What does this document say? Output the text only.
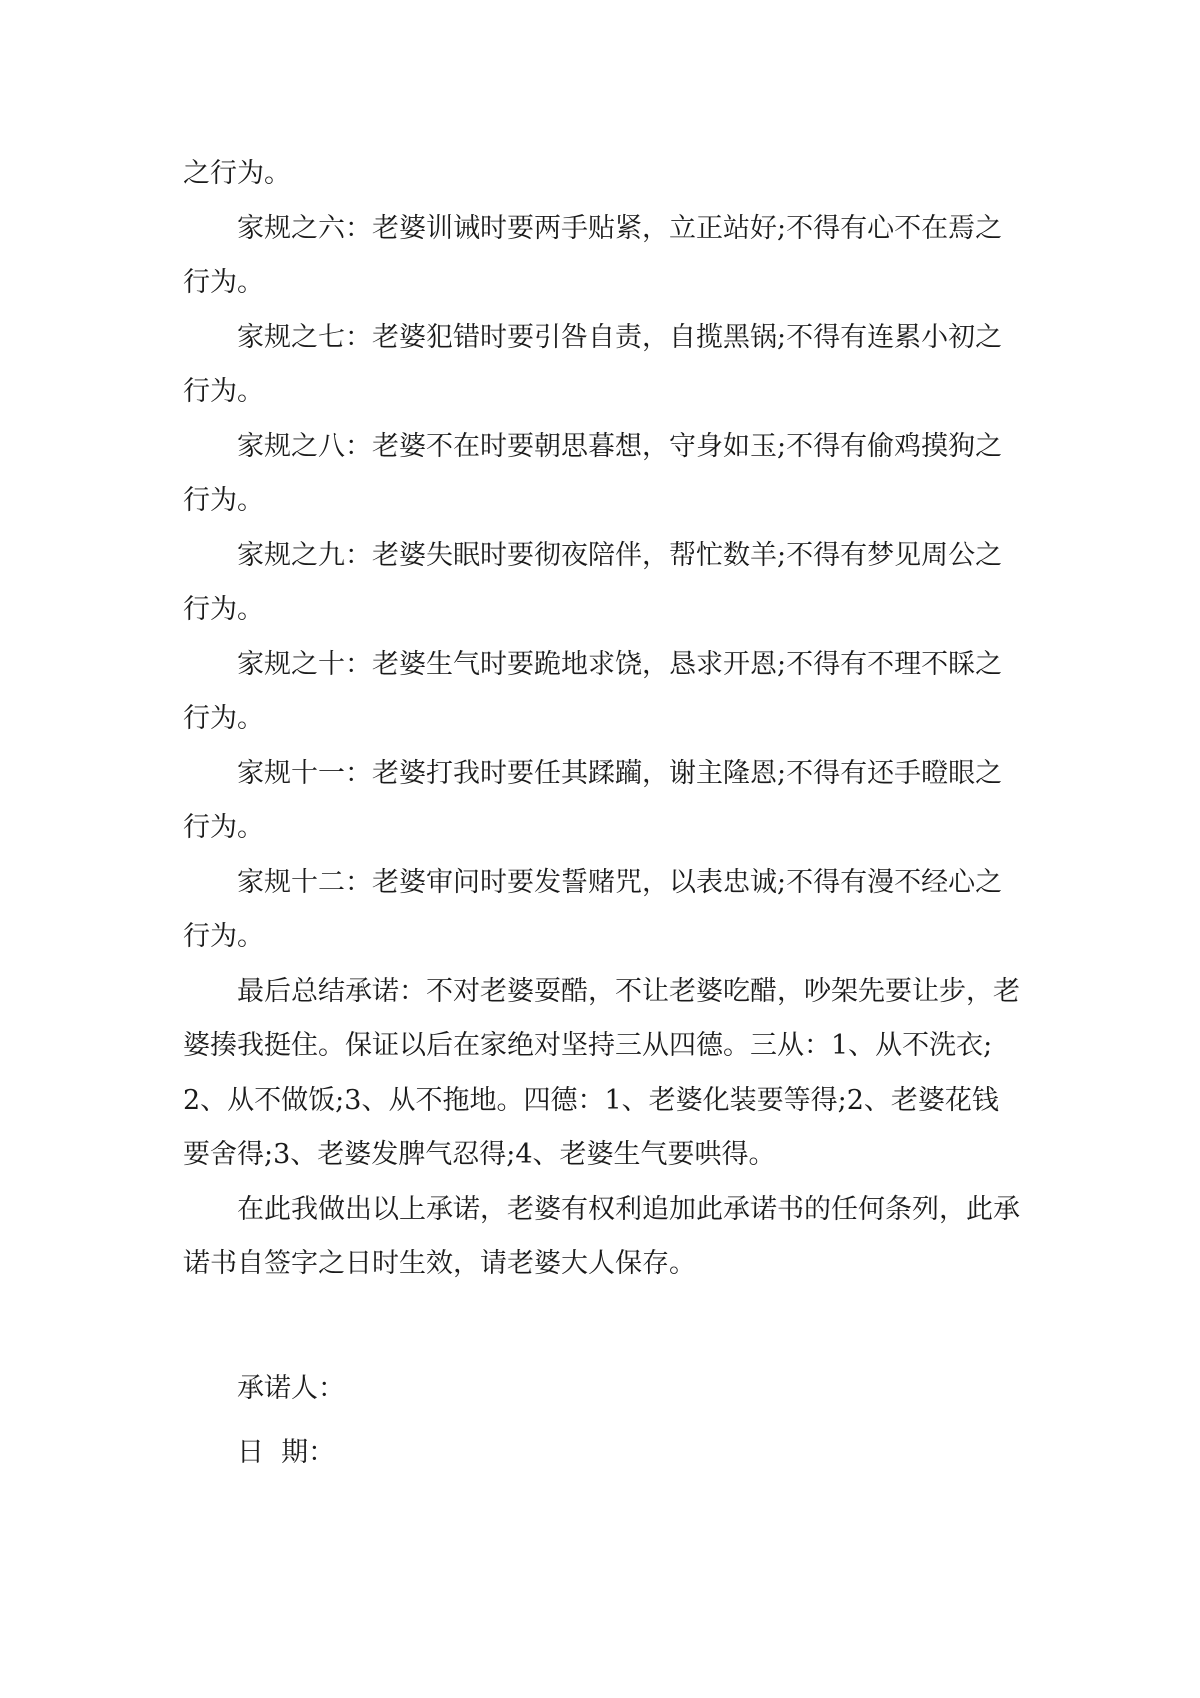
之行为。

家规之六：老婆训诫时要两手贴紧，立正站好;不得有心不在焉之行为。

家规之七：老婆犯错时要引咎自责，自揽黑锅;不得有连累小初之行为。

家规之八：老婆不在时要朝思暮想，守身如玉;不得有偷鸡摸狗之行为。

家规之九：老婆失眠时要彻夜陪伴，帮忙数羊;不得有梦见周公之行为。

家规之十：老婆生气时要跪地求饶，恳求开恩;不得有不理不睬之行为。

家规十一：老婆打我时要任其蹂躏，谢主隆恩;不得有还手瞪眼之行为。

家规十二：老婆审问时要发誓赌咒，以表忠诚;不得有漫不经心之行为。

最后总结承诺：不对老婆耍酷，不让老婆吃醋，吵架先要让步，老婆揍我挺住。保证以后在家绝对坚持三从四德。三从：1、从不洗衣;2、从不做饭;3、从不拖地。四德：1、老婆化装要等得;2、老婆花钱要舍得;3、老婆发脾气忍得;4、老婆生气要哄得。

在此我做出以上承诺，老婆有权利追加此承诺书的任何条列，此承诺书自签字之日时生效，请老婆大人保存。

承诺人：
日  期：
